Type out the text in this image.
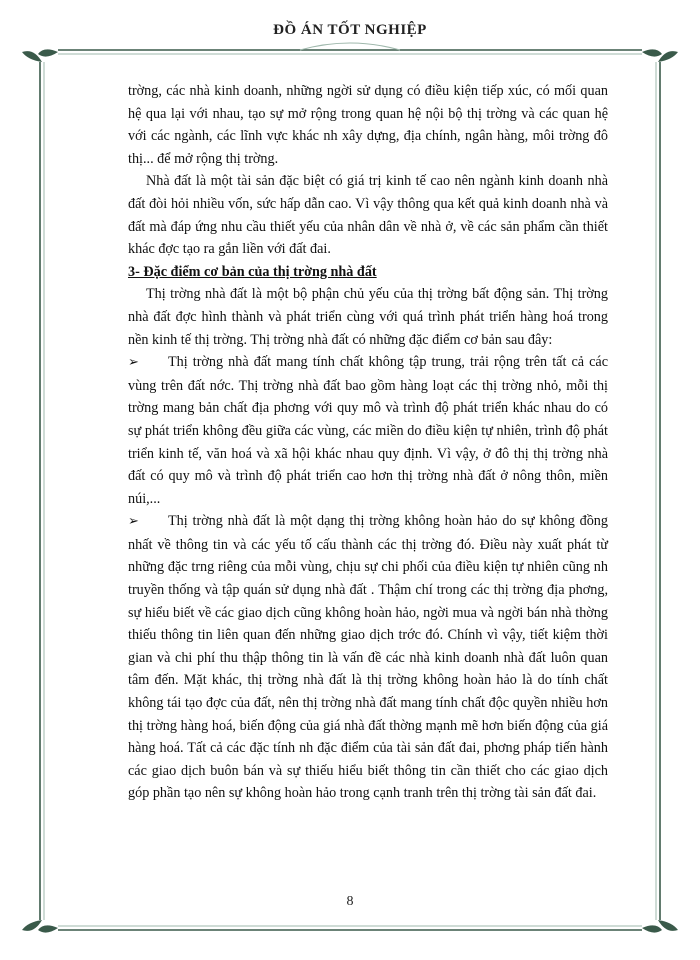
ĐỒ ÁN TỐT NGHIỆP

trờng, các nhà kinh doanh, những ngời sử dụng có điều kiện tiếp xúc, có mối quan hệ qua lại với nhau, tạo sự mở rộng trong quan hệ nội bộ thị trờng và các quan hệ với các ngành, các lĩnh vực khác nh xây dựng, địa chính, ngân hàng, môi trờng đô thị... để mở rộng thị trờng.

Nhà đất là một tài sản đặc biệt có giá trị kinh tế cao nên ngành kinh doanh nhà đất đòi hỏi nhiều vốn, sức hấp dẫn cao. Vì vậy thông qua kết quả kinh doanh nhà và đất mà đáp ứng nhu cầu thiết yếu của nhân dân về nhà ở, về các sản phẩm cần thiết khác đợc tạo ra gắn liền với đất đai.

3- Đặc điểm cơ bản của thị trờng nhà đất

Thị trờng nhà đất là một bộ phận chủ yếu của thị trờng bất động sản. Thị trờng nhà đất đợc hình thành và phát triển cùng với quá trình phát triển hàng hoá trong nền kinh tế thị trờng. Thị trờng nhà đất có những đặc điểm cơ bản sau đây:

➢ Thị trờng nhà đất mang tính chất không tập trung, trải rộng trên tất cả các vùng trên đất nớc. Thị trờng nhà đất bao gồm hàng loạt các thị trờng nhỏ, mỗi thị trờng mang bản chất địa phơng với quy mô và trình độ phát triển khác nhau do có sự phát triển không đều giữa các vùng, các miền do điều kiện tự nhiên, trình độ phát triển kinh tế, văn hoá và xã hội khác nhau quy định. Vì vậy, ở đô thị thị trờng nhà đất có quy mô và trình độ phát triển cao hơn thị trờng nhà đất ở nông thôn, miền núi,...

➢ Thị trờng nhà đất là một dạng thị trờng không hoàn hảo do sự không đồng nhất về thông tin và các yếu tố cấu thành các thị trờng đó. Điều này xuất phát từ những đặc trng riêng của mỗi vùng, chịu sự chi phối của điều kiện tự nhiên cũng nh truyền thống và tập quán sử dụng nhà đất . Thậm chí trong các thị trờng địa phơng, sự hiểu biết về các giao dịch cũng không hoàn hảo, ngời mua và ngời bán nhà thờng thiếu thông tin liên quan đến những giao dịch trớc đó. Chính vì vậy, tiết kiệm thời gian và chi phí thu thập thông tin là vấn đề các nhà kinh doanh nhà đất luôn quan tâm đến. Mặt khác, thị trờng nhà đất là thị trờng không hoàn hảo là do tính chất không tái tạo đợc của đất, nên thị trờng nhà đất mang tính chất độc quyền nhiều hơn thị trờng hàng hoá, biến động của giá nhà đất thờng mạnh mẽ hơn biến động của giá hàng hoá. Tất cả các đặc tính nh đặc điểm của tài sản đất đai, phơng pháp tiến hành các giao dịch buôn bán và sự thiếu hiểu biết thông tin cần thiết cho các giao dịch góp phần tạo nên sự không hoàn hảo trong cạnh tranh trên thị trờng tài sản đất đai.

8
